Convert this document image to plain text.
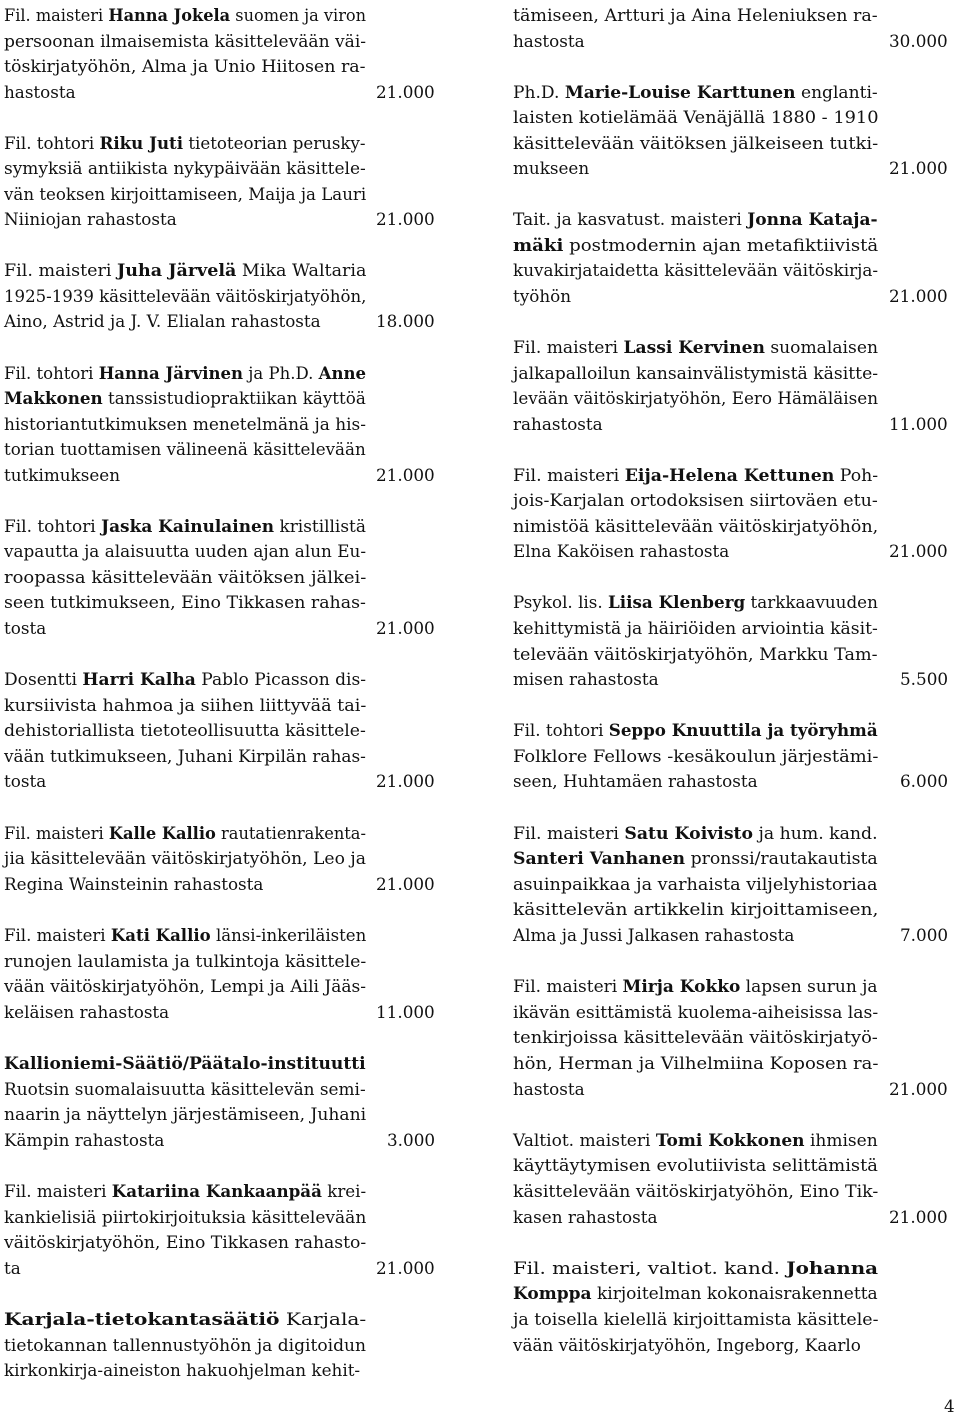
Fil. maisteri Hanna Jokela suomen ja viron
persoonan ilmaisemista käsittelevään väi-
töskirjatyöhön, Alma ja Unio Hiitosen ra-
hastosta
Fil. tohtori Riku Juti tietoteorian perusky-
symyksiä antiikista nykypäivään käsittele-
vän teoksen kirjoittamiseen, Maija ja Lauri
Niiniojan rahastosta
Fil. maisteri Juha Järvelä Mika Waltaria
1925-1939 käsittelevään väitöskirjatyöhön,
Aino, Astrid ja J. V. Elialan rahastosta
Fil. tohtori Hanna Järvinen ja Ph.D. Anne
Makkonen tanssistudiopraktiikan käyttöä
historiantutkimuksen menetelmänä ja his-
torian tuottamisen välineenä käsittelevään
tutkimukseen
Fil. tohtori Jaska Kainulainen kristillistä
vapautta ja alaisuutta uuden ajan alun Eu-
roopassa käsittelevään väitöksen jälkei-
seen tutkimukseen, Eino Tikkasen rahas-
tosta
Dosentti Harri Kalha Pablo Picasson dis-
kursiivista hahmoa ja siihen liittyvää tai-
dehistoriallista tietoteollisuutta käsittele-
vään tutkimukseen, Juhani Kirpilän rahas-
tosta
Fil. maisteri Kalle Kallio rautatienrakenta-
jia käsittelevään väitöskirjatyöhön, Leo ja
Regina Wainsteinin rahastosta
Fil. maisteri Kati Kallio länsi-inkeriläisten
runojen laulamista ja tulkintoja käsittele-
vään väitöskirjatyöhön, Lempi ja Aili Jääs-
keläisen rahastosta
Kallioniemi-Säätiö/Päätalo-instituutti
Ruotsin suomalaisuutta käsittelevän semi-
naarin ja näyttelyn järjestämiseen, Juhani
Kämpin rahastosta
Fil. maisteri Katariina Kankaanpää krei-
kankielisiä piirtokirjoituksia käsittelevään
väitöskirjatyöhön, Eino Tikkasen rahasto-
ta
Karjala-tietokantasäätiö Karjala-
tietokannan tallennustyöhön ja digitoidun
kirkonkirja-aineiston hakuohjelman kehit-
21.000
21.000
18.000
21.000
21.000
21.000
21.000
11.000
3.000
21.000
tämiseen, Artturi ja Aina Heleniuksen ra-
hastosta
Ph.D. Marie-Louise Karttunen englanti-
laisten kotielämää Venäjällä 1880 - 1910
käsittelevään väitöksen jälkeiseen tutki-
mukseen
Tait. ja kasvatust. maisteri Jonna Kataja-
mäki postmodernin ajan metafiktiivistä
kuvakirjataidetta käsittelevään väitöskirja-
työhön
Fil. maisteri Lassi Kervinen suomalaisen
jalkapalloilun kansainvälistymistä käsitte-
levään väitöskirjatyöhön, Eero Hämäläisen
rahastosta
Fil. maisteri Eija-Helena Kettunen Poh-
jois-Karjalan ortodoksisen siirtoväen etu-
nimistöä käsittelevään väitöskirjatyöhön,
Elna Kaköisen rahastosta
Psykol. lis. Liisa Klenberg tarkkaavuuden
kehittymistä ja häiriöiden arviointia käsit-
televään väitöskirjatyöhön, Markku Tam-
misen rahastosta
Fil. tohtori Seppo Knuuttila ja työryhmä
Folklore Fellows -kesäkoulun järjestämi-
seen, Huhtamäen rahastosta
Fil. maisteri Satu Koivisto ja hum. kand.
Santeri Vanhanen pronssi/rautakautista
asuinpaikkaa ja varhaista viljelyhistoriaa
käsittelevän artikkelin kirjoittamiseen,
Alma ja Jussi Jalkasen rahastosta
Fil. maisteri Mirja Kokko lapsen surun ja
ikävän esittämistä kuolema-aiheisissa las-
tenkirjoissa käsittelevään väitöskirjatyö-
hön, Herman ja Vilhelmiina Koposen ra-
hastosta
Valtiot. maisteri Tomi Kokkonen ihmisen
käyttäytymisen evolutiivista selittämistä
käsittelevään väitöskirjatyöhön, Eino Tik-
kasen rahastosta
Fil. maisteri, valtiot. kand. Johanna
Komppa kirjoitelman kokonaisrakennetta
ja toisella kielellä kirjoittamista käsittele-
vään väitöskirjatyöhön, Ingeborg, Kaarlo
30.000
21.000
21.000
11.000
21.000
5.500
6.000
7.000
21.000
21.000
4
